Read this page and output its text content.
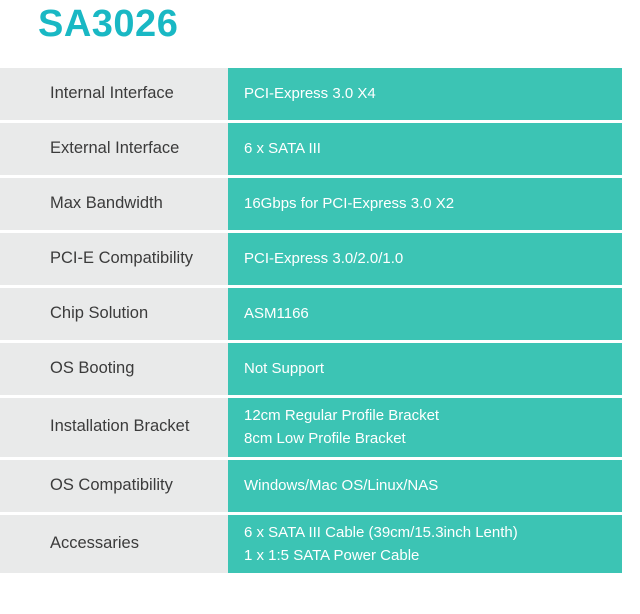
SA3026
Internal Interface	PCI-Express 3.0 X4

External Interface	6 x SATA III

Max Bandwidth	16Gbps for PCI-Express 3.0 X2

PCI-E Compatibility	PCI-Express 3.0/2.0/1.0

Chip Solution	ASM1166

OS Booting	Not Support

Installation Bracket	12cm Regular Profile Bracket
8cm Low Profile Bracket

OS Compatibility	Windows/Mac OS/Linux/NAS

Accessaries	6 x SATA III Cable (39cm/15.3inch Lenth)
1 x 1:5 SATA Power Cable
